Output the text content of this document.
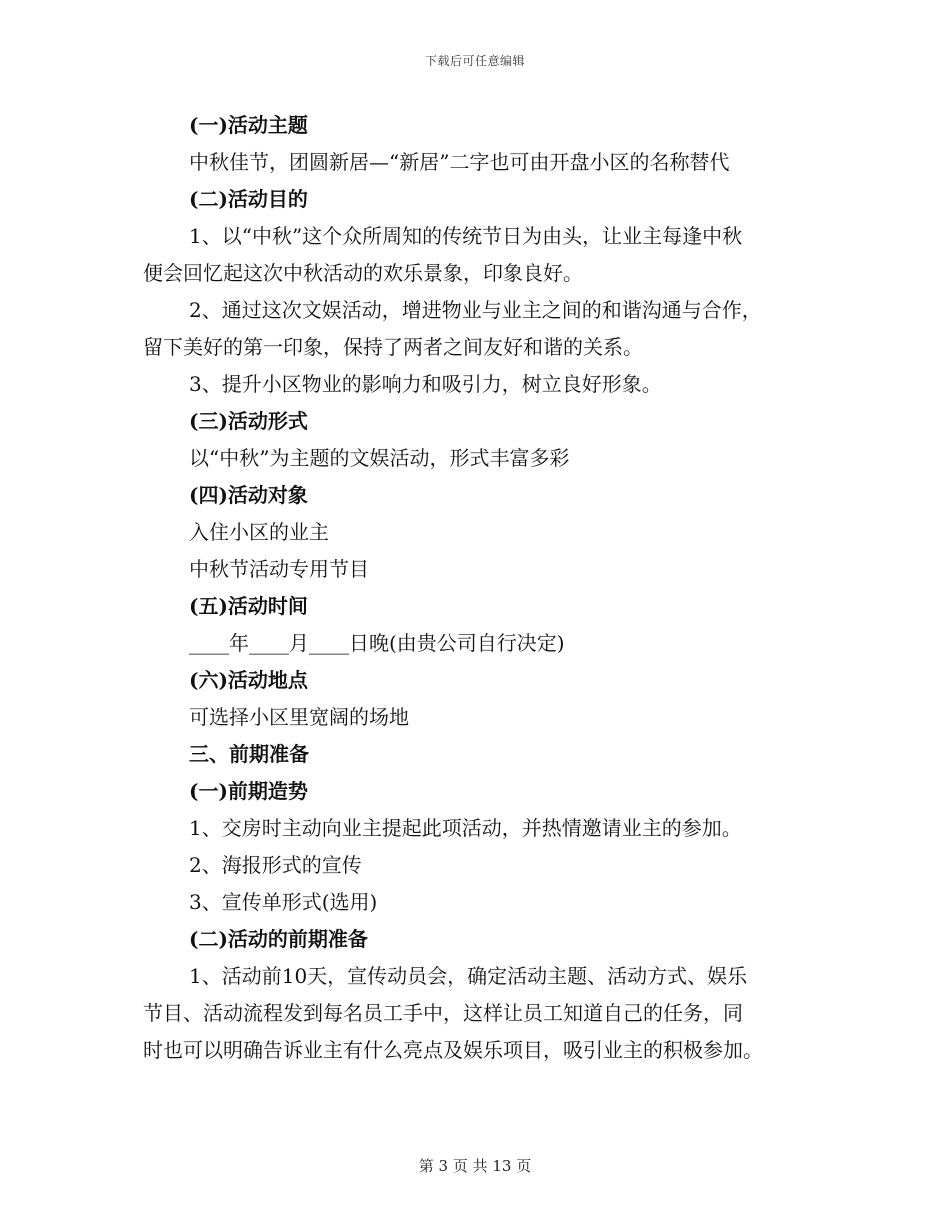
下载后可任意编辑
(一)活动主题
中秋佳节，团圆新居—“新居”二字也可由开盘小区的名称替代
(二)活动目的
1、以“中秋”这个众所周知的传统节日为由头，让业主每逢中秋
便会回忆起这次中秋活动的欢乐景象，印象良好。
2、通过这次文娱活动，增进物业与业主之间的和谐沟通与合作，
留下美好的第一印象，保持了两者之间友好和谐的关系。
3、提升小区物业的影响力和吸引力，树立良好形象。
(三)活动形式
以“中秋”为主题的文娱活动，形式丰富多彩
(四)活动对象
入住小区的业主
中秋节活动专用节目
(五)活动时间
____年____月____日晚(由贵公司自行决定)
(六)活动地点
可选择小区里宽阔的场地
三、前期准备
(一)前期造势
1、交房时主动向业主提起此项活动，并热情邀请业主的参加。
2、海报形式的宣传
3、宣传单形式(选用)
(二)活动的前期准备
1、活动前10天，宣传动员会，确定活动主题、活动方式、娱乐
节目、活动流程发到每名员工手中，这样让员工知道自己的任务，同
时也可以明确告诉业主有什么亮点及娱乐项目，吸引业主的积极参加。
第 3 页 共 13 页
